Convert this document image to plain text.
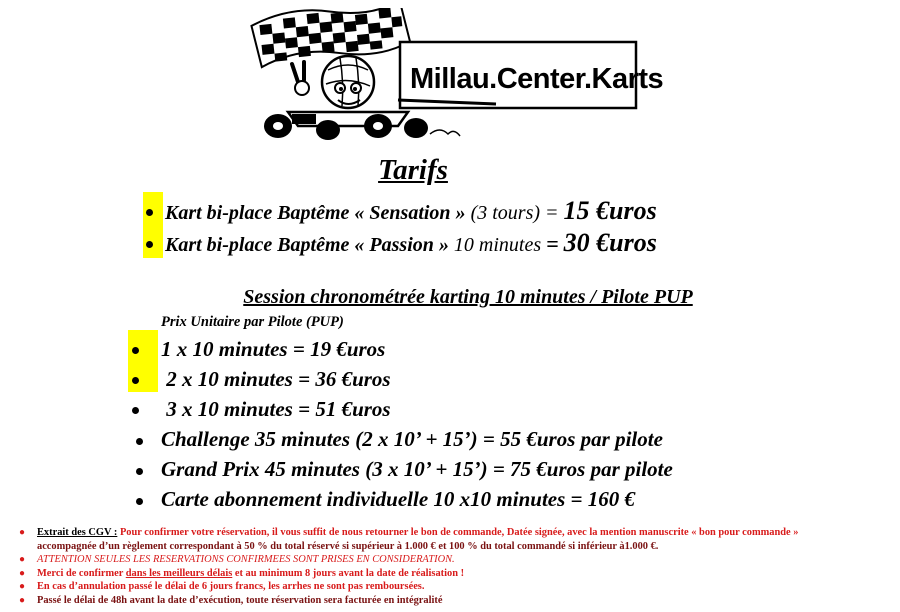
Millau.Center.Karts
Tarifs
Kart bi-place Baptême « Sensation » (3 tours) = 15 €uros
Kart bi-place Baptême « Passion » 10 minutes = 30 €uros
Session chronométrée karting 10 minutes / Pilote PUP
Prix Unitaire par Pilote (PUP)
1 x 10 minutes = 19 €uros
2 x 10 minutes = 36 €uros
3 x 10 minutes = 51 €uros
Challenge 35 minutes (2 x 10’ + 15’) = 55 €uros par pilote
Grand Prix 45 minutes (3 x 10’ + 15’) = 75 €uros par pilote
Carte abonnement individuelle 10 x10 minutes = 160 €
● Extrait des CGV : Pour confirmer votre réservation, il vous suffit de nous retourner le bon de commande, Datée signée, avec la mention manuscrite « bon pour commande »
accompagnée d’un règlement correspondant à 50 % du total réservé si supérieur à 1.000 € et 100 % du total commandé si inférieur à1.000 €.
● ATTENTION SEULES LES RESERVATIONS CONFIRMEES SONT PRISES EN CONSIDERATION.
● Merci de confirmer dans les meilleurs délais et au minimum 8 jours avant la date de réalisation !
● En cas d’annulation passé le délai de 6 jours francs, les arrhes ne sont pas remboursées.
● Passé le délai de 48h avant la date d’exécution, toute réservation sera facturée en intégralité
